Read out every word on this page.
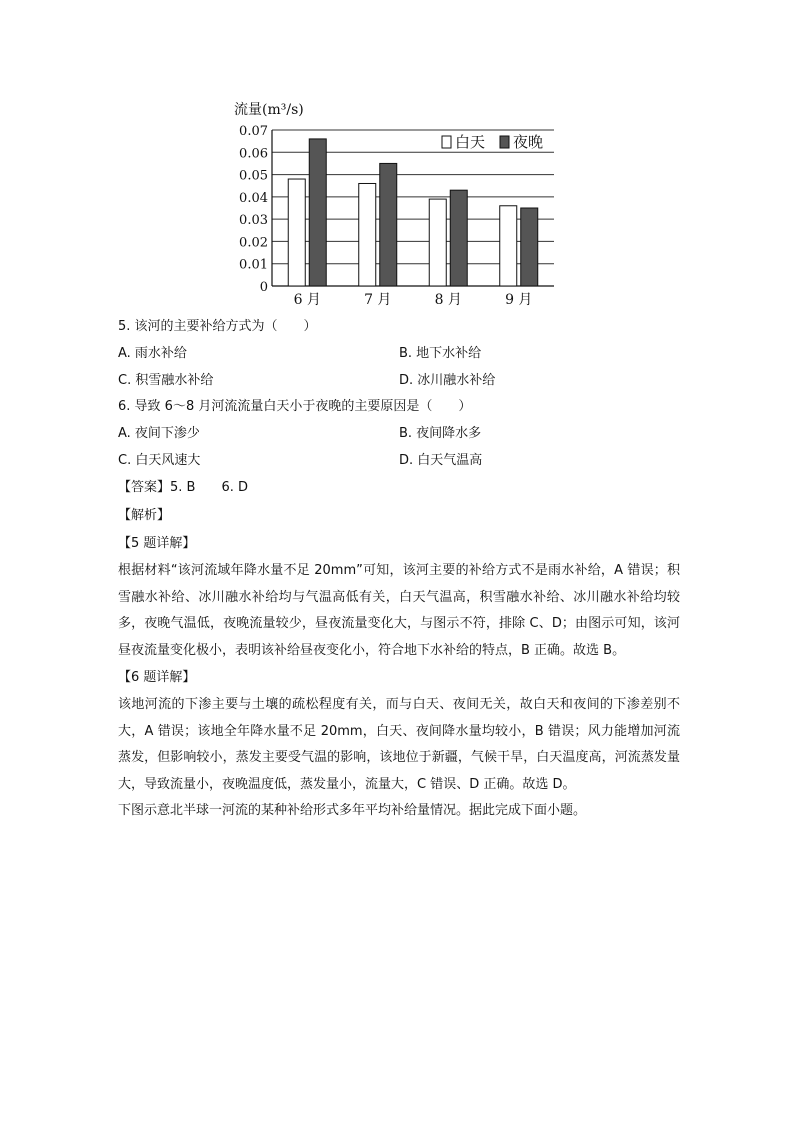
流量(m³/s)
0
0.01
0.02
0.03
0.04
0.05
0.06
0.07
6 月	7 月	8 月	9 月
白天 夜晚

5. 该河的主要补给方式为（　　）

A. 雨水补给	B. 地下水补给
C. 积雪融水补给	D. 冰川融水补给

6. 导致 6～8 月河流流量白天小于夜晚的主要原因是（　　）

A. 夜间下渗少	B. 夜间降水多
C. 白天风速大	D. 白天气温高

【答案】5. B　　6. D

【解析】

【5 题详解】

根据材料“该河流域年降水量不足 20mm”可知，该河主要的补给方式不是雨水补给，A 错误；积雪融水补给、冰川融水补给均与气温高低有关，白天气温高，积雪融水补给、冰川融水补给均较多，夜晚气温低，夜晚流量较少，昼夜流量变化大，与图示不符，排除 C、D；由图示可知，该河昼夜流量变化极小，表明该补给昼夜变化小，符合地下水补给的特点，B 正确。故选 B。

【6 题详解】

该地河流的下渗主要与土壤的疏松程度有关，而与白天、夜间无关，故白天和夜间的下渗差别不大，A 错误；该地全年降水量不足 20mm，白天、夜间降水量均较小，B 错误；风力能增加河流蒸发，但影响较小，蒸发主要受气温的影响，该地位于新疆，气候干旱，白天温度高，河流蒸发量大，导致流量小，夜晚温度低，蒸发量小，流量大，C 错误、D 正确。故选 D。

下图示意北半球一河流的某种补给形式多年平均补给量情况。据此完成下面小题。
